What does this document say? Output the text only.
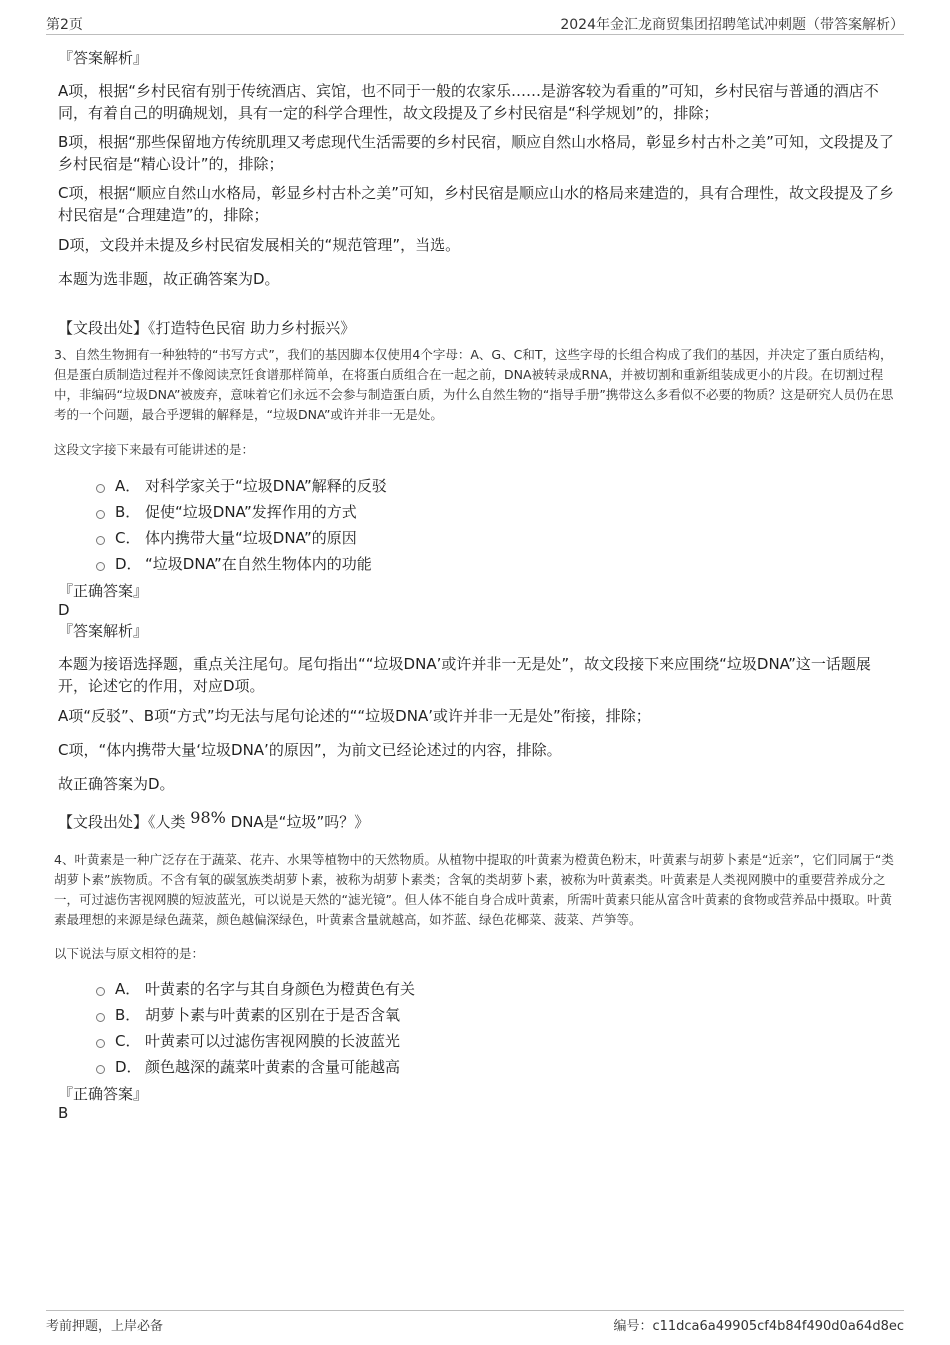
第2页	2024年金汇龙商贸集团招聘笔试冲刺题（带答案解析）
『答案解析』

A项，根据“乡村民宿有别于传统酒店、宾馆，也不同于一般的农家乐……是游客较为看重的”可知，乡村民宿与普通的酒店不同，有着自己的明确规划，具有一定的科学合理性，故文段提及了乡村民宿是“科学规划”的，排除；

B项，根据“那些保留地方传统肌理又考虑现代生活需要的乡村民宿，顺应自然山水格局，彰显乡村古朴之美”可知，文段提及了乡村民宿是“精心设计”的，排除；

C项，根据“顺应自然山水格局，彰显乡村古朴之美”可知，乡村民宿是顺应山水的格局来建造的，具有合理性，故文段提及了乡村民宿是“合理建造”的，排除；

D项，文段并未提及乡村民宿发展相关的“规范管理”，当选。

本题为选非题，故正确答案为D。

【文段出处】《打造特色民宿 助力乡村振兴》

3、自然生物拥有一种独特的“书写方式”，我们的基因脚本仅使用4个字母：A、G、C和T，这些字母的长组合构成了我们的基因，并决定了蛋白质结构，但是蛋白质制造过程并不像阅读烹饪食谱那样简单，在将蛋白质组合在一起之前，DNA被转录成RNA，并被切割和重新组装成更小的片段。在切割过程中，非编码“垃圾DNA”被废弃，意味着它们永远不会参与制造蛋白质，为什么自然生物的“指导手册”携带这么多看似不必要的物质？这是研究人员仍在思考的一个问题，最合乎逻辑的解释是，“垃圾DNA”或许并非一无是处。

这段文字接下来最有可能讲述的是：
A． 对科学家关于“垃圾DNA”解释的反驳
B． 促使“垃圾DNA”发挥作用的方式
C． 体内携带大量“垃圾DNA”的原因
D． “垃圾DNA”在自然生物体内的功能
『正确答案』
D
『答案解析』

本题为接语选择题，重点关注尾句。尾句指出““垃圾DNA’或许并非一无是处”，故文段接下来应围绕“垃圾DNA”这一话题展开，论述它的作用，对应D项。

A项“反驳”、B项“方式”均无法与尾句论述的““垃圾DNA’或许并非一无是处”衔接，排除；

C项，“体内携带大量‘垃圾DNA’的原因”，为前文已经论述过的内容，排除。

故正确答案为D。

【文段出处】《人类 98% DNA是“垃圾”吗？》

4、叶黄素是一种广泛存在于蔬菜、花卉、水果等植物中的天然物质。从植物中提取的叶黄素为橙黄色粉末，叶黄素与胡萝卜素是“近亲”，它们同属于“类胡萝卜素”族物质。不含有氧的碳氢族类胡萝卜素，被称为胡萝卜素类；含氧的类胡萝卜素，被称为叶黄素类。叶黄素是人类视网膜中的重要营养成分之一，可过滤伤害视网膜的短波蓝光，可以说是天然的“滤光镜”。但人体不能自身合成叶黄素，所需叶黄素只能从富含叶黄素的食物或营养品中摄取。叶黄素最理想的来源是绿色蔬菜，颜色越偏深绿色，叶黄素含量就越高，如芥蓝、绿色花椰菜、菠菜、芦笋等。

以下说法与原文相符的是：
A． 叶黄素的名字与其自身颜色为橙黄色有关
B． 胡萝卜素与叶黄素的区别在于是否含氧
C． 叶黄素可以过滤伤害视网膜的长波蓝光
D． 颜色越深的蔬菜叶黄素的含量可能越高
『正确答案』
B
考前押题，上岸必备	编号：c11dca6a49905cf4b84f490d0a64d8ec
